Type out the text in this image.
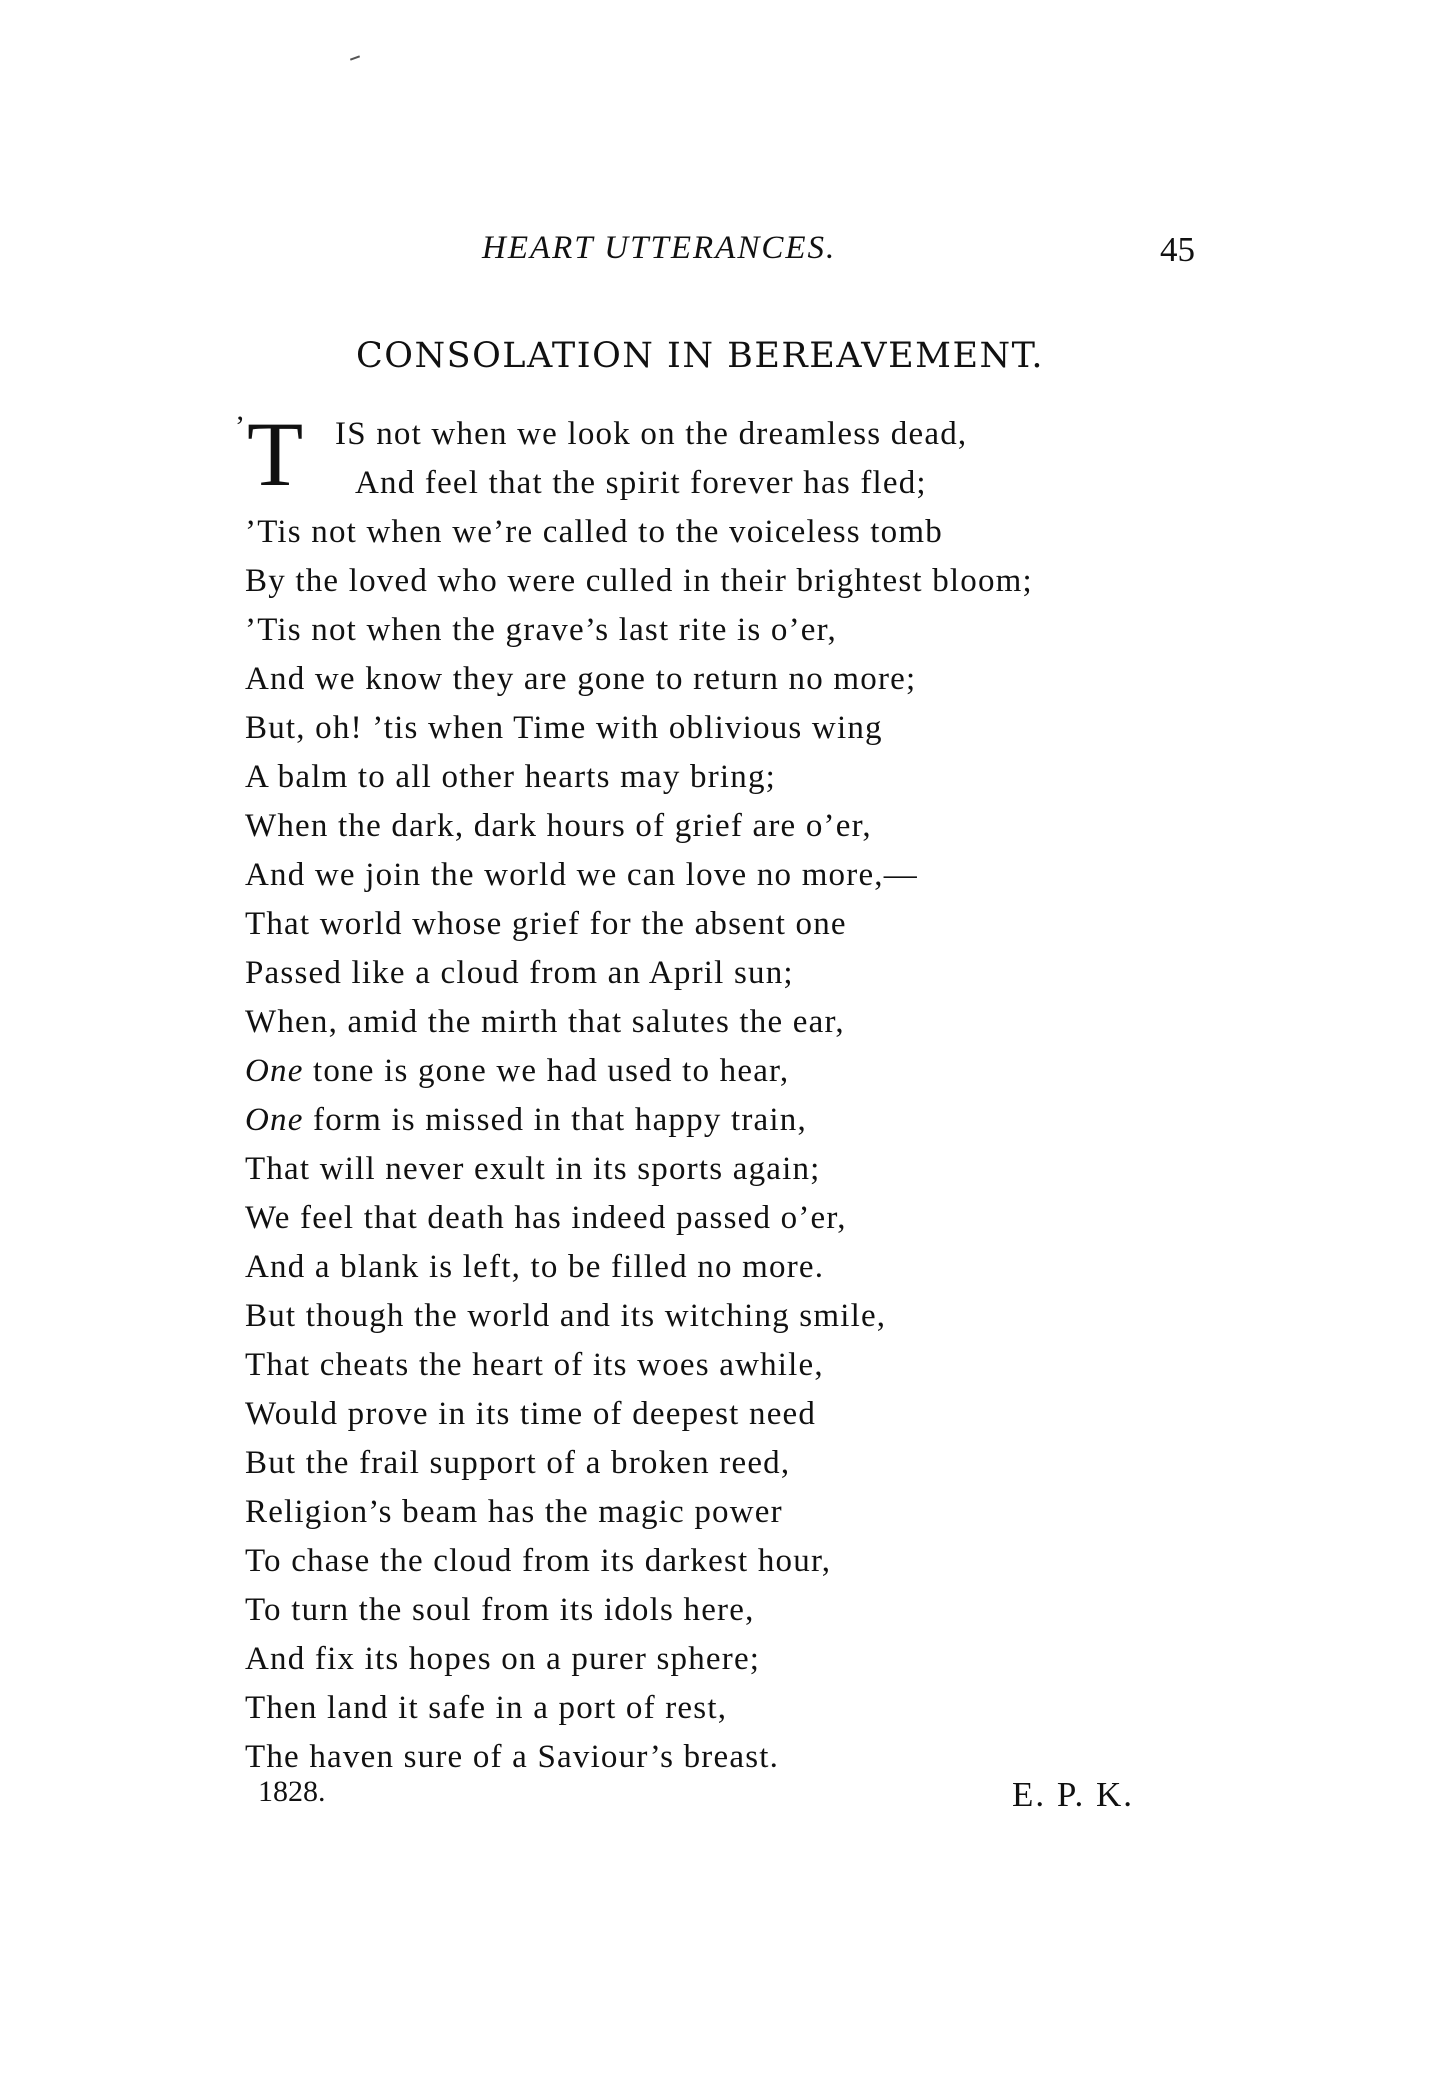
HEART UTTERANCES.	45
CONSOLATION IN BEREAVEMENT.
’ T IS not when we look on the dreamless dead,
And feel that the spirit forever has fled;
’Tis not when we’re called to the voiceless tomb
By the loved who were culled in their brightest bloom;
’Tis not when the grave’s last rite is o’er,
And we know they are gone to return no more;
But, oh! ’tis when Time with oblivious wing
A balm to all other hearts may bring;
When the dark, dark hours of grief are o’er,
And we join the world we can love no more,—
That world whose grief for the absent one
Passed like a cloud from an April sun;
When, amid the mirth that salutes the ear,
One tone is gone we had used to hear,
One form is missed in that happy train,
That will never exult in its sports again;
We feel that death has indeed passed o’er,
And a blank is left, to be filled no more.
But though the world and its witching smile,
That cheats the heart of its woes awhile,
Would prove in its time of deepest need
But the frail support of a broken reed,
Religion’s beam has the magic power
To chase the cloud from its darkest hour,
To turn the soul from its idols here,
And fix its hopes on a purer sphere;
Then land it safe in a port of rest,
The haven sure of a Saviour’s breast.
1828.	E. P. K.
